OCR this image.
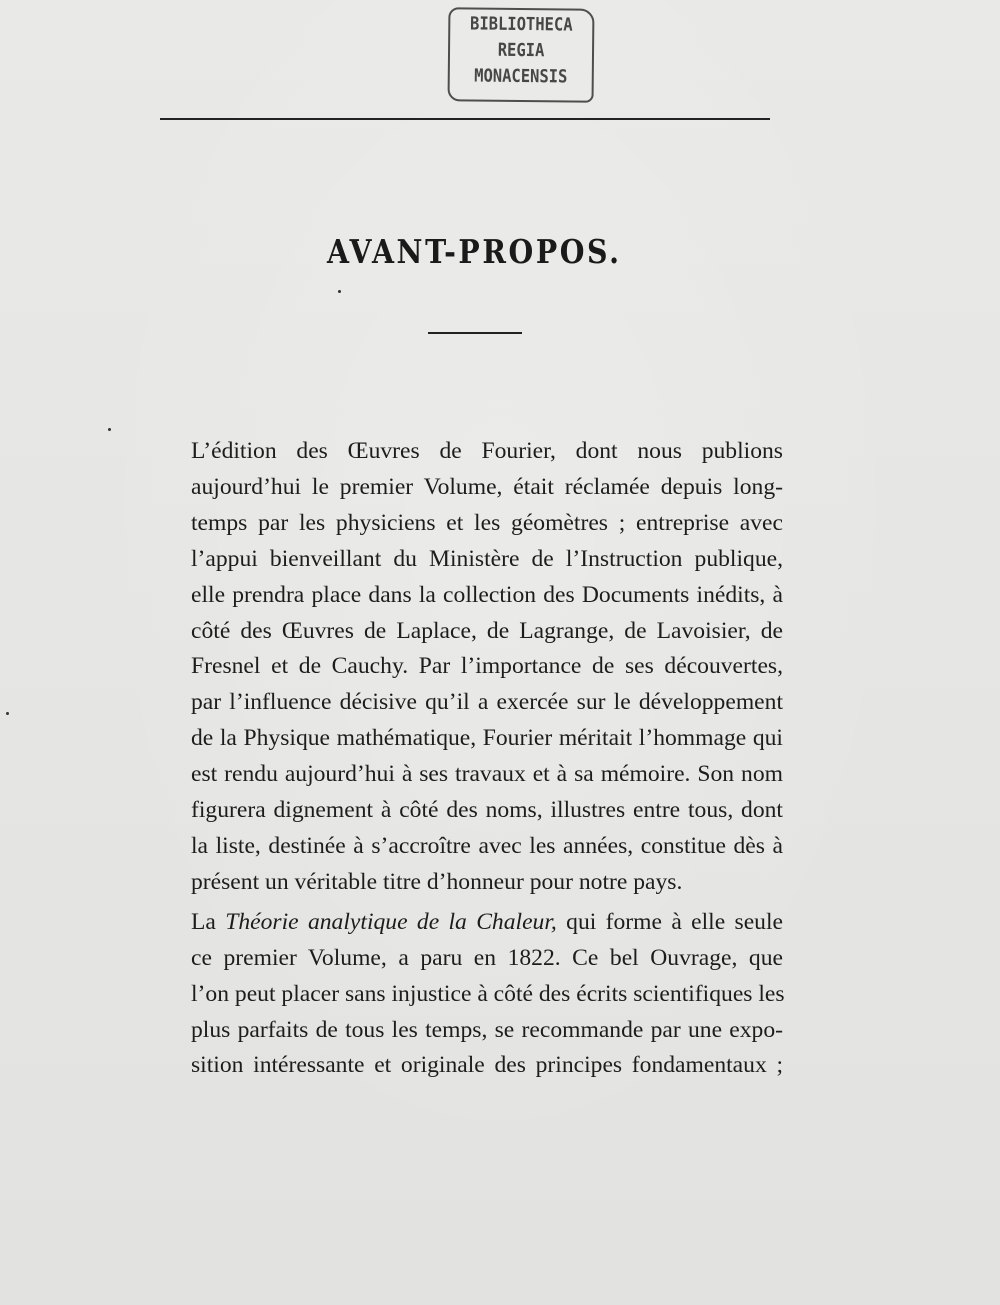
BIBLIOTHECA
REGIA
MONACENSIS
AVANT-PROPOS.

L’édition des Œuvres de Fourier, dont nous publions
aujourd’hui le premier Volume, était réclamée depuis long-
temps par les physiciens et les géomètres ; entreprise avec
l’appui bienveillant du Ministère de l’Instruction publique,
elle prendra place dans la collection des Documents inédits, à
côté des Œuvres de Laplace, de Lagrange, de Lavoisier, de
Fresnel et de Cauchy. Par l’importance de ses découvertes,
par l’influence décisive qu’il a exercée sur le développement
de la Physique mathématique, Fourier méritait l’hommage qui
est rendu aujourd’hui à ses travaux et à sa mémoire. Son nom
figurera dignement à côté des noms, illustres entre tous, dont
la liste, destinée à s’accroître avec les années, constitue dès à
présent un véritable titre d’honneur pour notre pays.

La Théorie analytique de la Chaleur, qui forme à elle seule
ce premier Volume, a paru en 1822. Ce bel Ouvrage, que
l’on peut placer sans injustice à côté des écrits scientifiques les
plus parfaits de tous les temps, se recommande par une expo-
sition intéressante et originale des principes fondamentaux ;
